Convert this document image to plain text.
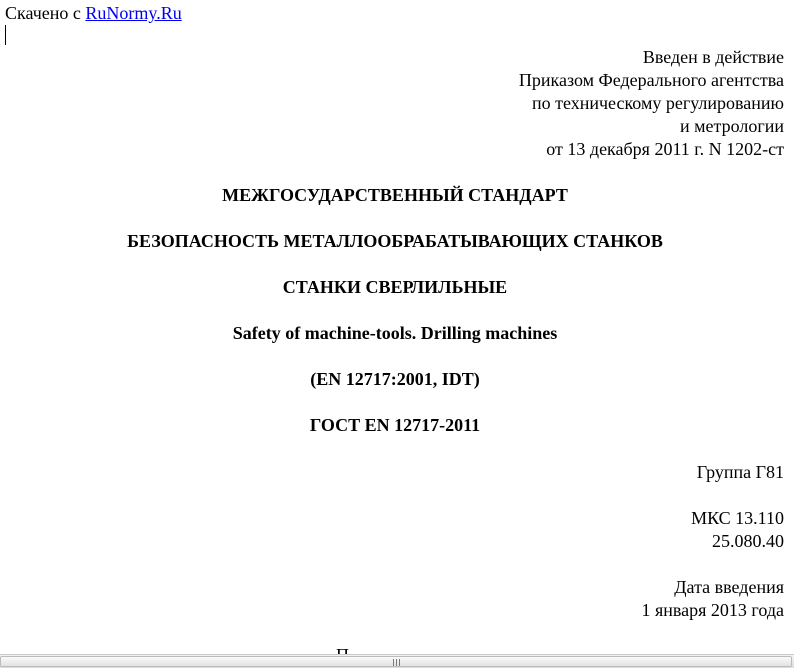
Скачено с RuNormy.Ru
Введен в действие
Приказом Федерального агентства
по техническому регулированию
и метрологии
от 13 декабря 2011 г. N 1202-ст
МЕЖГОСУДАРСТВЕННЫЙ СТАНДАРТ
БЕЗОПАСНОСТЬ МЕТАЛЛООБРАБАТЫВАЮЩИХ СТАНКОВ
СТАНКИ СВЕРЛИЛЬНЫЕ
Safety of machine-tools. Drilling machines
(EN 12717:2001, IDT)
ГОСТ EN 12717-2011
Группа Г81
МКС 13.110
25.080.40
Дата введения
1 января 2013 года
